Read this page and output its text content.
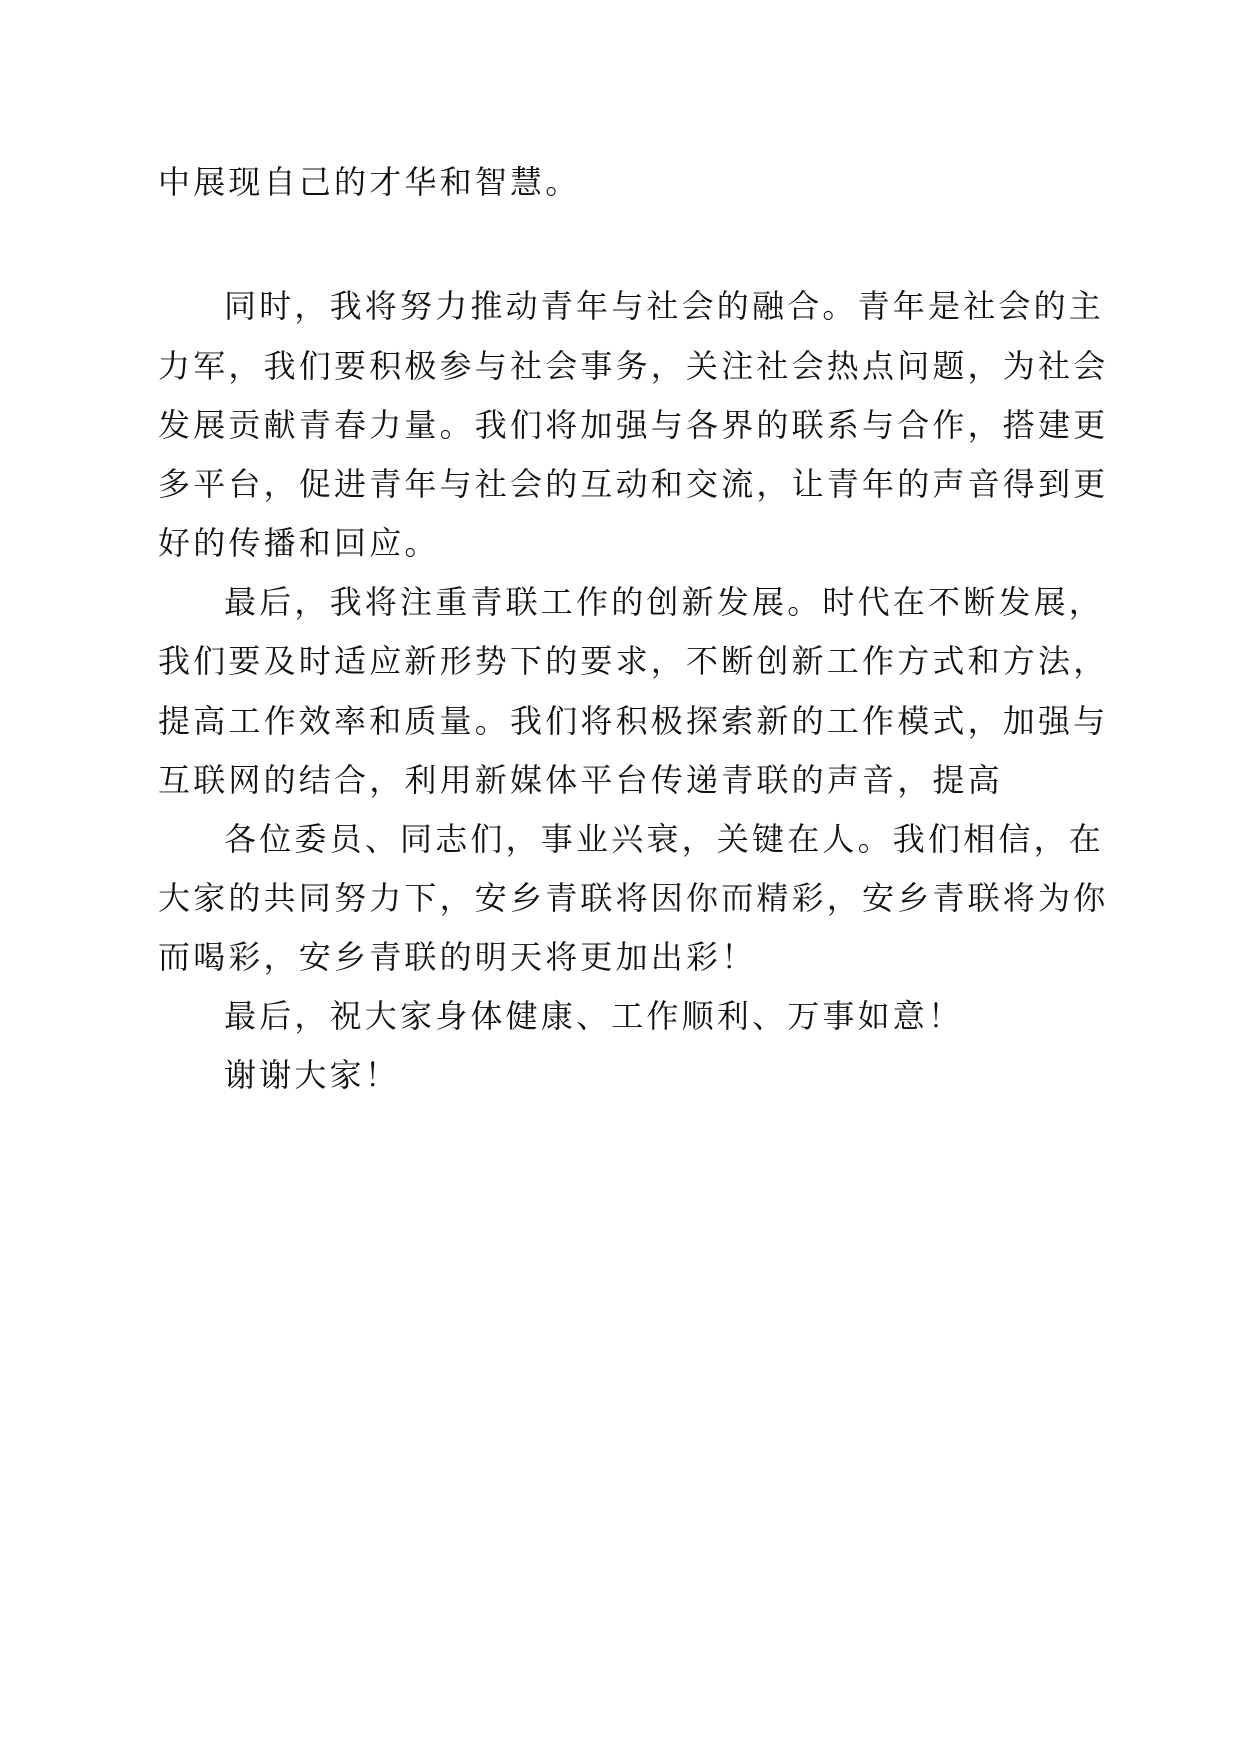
中展现自己的才华和智慧。

同时，我将努力推动青年与社会的融合。青年是社会的主

力军，我们要积极参与社会事务，关注社会热点问题，为社会

发展贡献青春力量。我们将加强与各界的联系与合作，搭建更

多平台，促进青年与社会的互动和交流，让青年的声音得到更

好的传播和回应。

最后，我将注重青联工作的创新发展。时代在不断发展，

我们要及时适应新形势下的要求，不断创新工作方式和方法，

提高工作效率和质量。我们将积极探索新的工作模式，加强与

互联网的结合，利用新媒体平台传递青联的声音，提高

各位委员、同志们，事业兴衰，关键在人。我们相信，在

大家的共同努力下，安乡青联将因你而精彩，安乡青联将为你

而喝彩，安乡青联的明天将更加出彩！

最后，祝大家身体健康、工作顺利、万事如意！

谢谢大家！
